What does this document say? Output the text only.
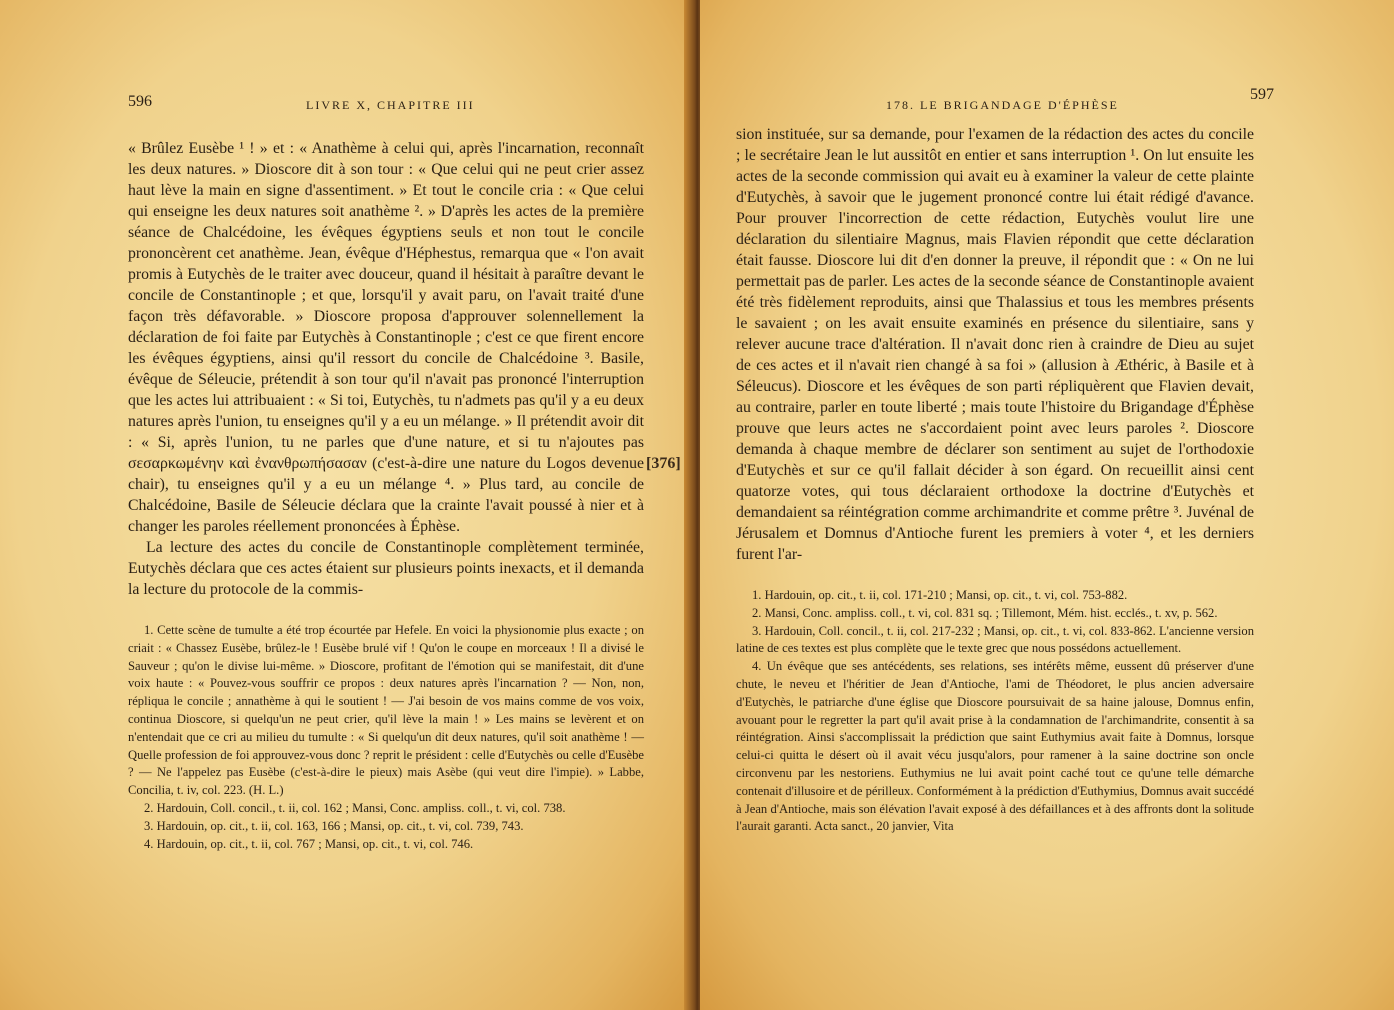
596	LIVRE X, CHAPITRE III

« Brûlez Eusèbe ¹ ! » et : « Anathème à celui qui, après l'incarnation, reconnaît les deux natures. » Dioscore dit à son tour : « Que celui qui ne peut crier assez haut lève la main en signe d'assentiment. » Et tout le concile cria : « Que celui qui enseigne les deux natures soit anathème ². » D'après les actes de la première séance de Chalcédoine, les évêques égyptiens seuls et non tout le concile prononcèrent cet anathème. Jean, évêque d'Héphestus, remarqua que « l'on avait promis à Eutychès de le traiter avec douceur, quand il hésitait à paraître devant le concile de Constantinople ; et que, lorsqu'il y avait paru, on l'avait traité d'une façon très défavorable. » Dioscore proposa d'approuver solennellement la déclaration de foi faite par Eutychès à Constantinople ; c'est ce que firent encore les évêques égyptiens, ainsi qu'il ressort du concile de Chalcédoine ³. Basile, évêque de Séleucie, prétendit à son tour qu'il n'avait pas prononcé l'interruption que les actes lui attribuaient : « Si toi, Eutychès, tu n'admets pas qu'il y a eu deux natures après l'union, tu enseignes qu'il y a eu un mélange. » Il prétendit avoir dit : « Si, après l'union, tu ne parles que d'une nature, et si tu n'ajoutes pas σεσαρκωμένην καὶ ἐνανθρωπήσασαν (c'est-à-dire une nature du Logos devenue chair), tu enseignes qu'il y a eu un mélange ⁴. » Plus tard, au concile de Chalcédoine, Basile de Séleucie déclara que la crainte l'avait poussé à nier et à changer les paroles réellement prononcées à Éphèse.

La lecture des actes du concile de Constantinople complètement terminée, Eutychès déclara que ces actes étaient sur plusieurs points inexacts, et il demanda la lecture du protocole de la commis-

1. Cette scène de tumulte a été trop écourtée par Hefele. En voici la physionomie plus exacte ; on criait : « Chassez Eusèbe, brûlez-le ! Eusèbe brulé vif ! Qu'on le coupe en morceaux ! Il a divisé le Sauveur ; qu'on le divise lui-même. » Dioscore, profitant de l'émotion qui se manifestait, dit d'une voix haute : « Pouvez-vous souffrir ce propos : deux natures après l'incarnation ? — Non, non, répliqua le concile ; annathème à qui le soutient ! — J'ai besoin de vos mains comme de vos voix, continua Dioscore, si quelqu'un ne peut crier, qu'il lève la main ! » Les mains se levèrent et on n'entendait que ce cri au milieu du tumulte : « Si quelqu'un dit deux natures, qu'il soit anathème ! — Quelle profession de foi approuvez-vous donc ? reprit le président : celle d'Eutychès ou celle d'Eusèbe ? — Ne l'appelez pas Eusèbe (c'est-à-dire le pieux) mais Asèbe (qui veut dire l'impie). » Labbe, Concilia, t. iv, col. 223. (H. L.)

2. Hardouin, Coll. concil., t. ii, col. 162 ; Mansi, Conc. ampliss. coll., t. vi, col. 738.

3. Hardouin, op. cit., t. ii, col. 163, 166 ; Mansi, op. cit., t. vi, col. 739, 743.

4. Hardouin, op. cit., t. ii, col. 767 ; Mansi, op. cit., t. vi, col. 746.

[376]
178. LE BRIGANDAGE D'ÉPHÈSE
597

sion instituée, sur sa demande, pour l'examen de la rédaction des actes du concile ; le secrétaire Jean le lut aussitôt en entier et sans interruption ¹. On lut ensuite les actes de la seconde commission qui avait eu à examiner la valeur de cette plainte d'Eutychès, à savoir que le jugement prononcé contre lui était rédigé d'avance. Pour prouver l'incorrection de cette rédaction, Eutychès voulut lire une déclaration du silentiaire Magnus, mais Flavien répondit que cette déclaration était fausse. Dioscore lui dit d'en donner la preuve, il répondit que : « On ne lui permettait pas de parler. Les actes de la seconde séance de Constantinople avaient été très fidèlement reproduits, ainsi que Thalassius et tous les membres présents le savaient ; on les avait ensuite examinés en présence du silentiaire, sans y relever aucune trace d'altération. Il n'avait donc rien à craindre de Dieu au sujet de ces actes et il n'avait rien changé à sa foi » (allusion à Æthéric, à Basile et à Séleucus). Dioscore et les évêques de son parti répliquèrent que Flavien devait, au contraire, parler en toute liberté ; mais toute l'histoire du Brigandage d'Éphèse prouve que leurs actes ne s'accordaient point avec leurs paroles ². Dioscore demanda à chaque membre de déclarer son sentiment au sujet de l'orthodoxie d'Eutychès et sur ce qu'il fallait décider à son égard. On recueillit ainsi cent quatorze votes, qui tous déclaraient orthodoxe la doctrine d'Eutychès et demandaient sa réintégration comme archimandrite et comme prêtre ³. Juvénal de Jérusalem et Domnus d'Antioche furent les premiers à voter ⁴, et les derniers furent l'ar-

1. Hardouin, op. cit., t. ii, col. 171-210 ; Mansi, op. cit., t. vi, col. 753-882.

2. Mansi, Conc. ampliss. coll., t. vi, col. 831 sq. ; Tillemont, Mém. hist. ecclés., t. xv, p. 562.

3. Hardouin, Coll. concil., t. ii, col. 217-232 ; Mansi, op. cit., t. vi, col. 833-862. L'ancienne version latine de ces textes est plus complète que le texte grec que nous possédons actuellement.

4. Un évêque que ses antécédents, ses relations, ses intérêts même, eussent dû préserver d'une chute, le neveu et l'héritier de Jean d'Antioche, l'ami de Théodoret, le plus ancien adversaire d'Eutychès, le patriarche d'une église que Dioscore poursuivait de sa haine jalouse, Domnus enfin, avouant pour le regretter la part qu'il avait prise à la condamnation de l'archimandrite, consentit à sa réintégration. Ainsi s'accomplissait la prédiction que saint Euthymius avait faite à Domnus, lorsque celui-ci quitta le désert où il avait vécu jusqu'alors, pour ramener à la saine doctrine son oncle circonvenu par les nestoriens. Euthymius ne lui avait point caché tout ce qu'une telle démarche contenait d'illusoire et de périlleux. Conformément à la prédiction d'Euthymius, Domnus avait succédé à Jean d'Antioche, mais son élévation l'avait exposé à des défaillances et à des affronts dont la solitude l'aurait garanti. Acta sanct., 20 janvier, Vita
